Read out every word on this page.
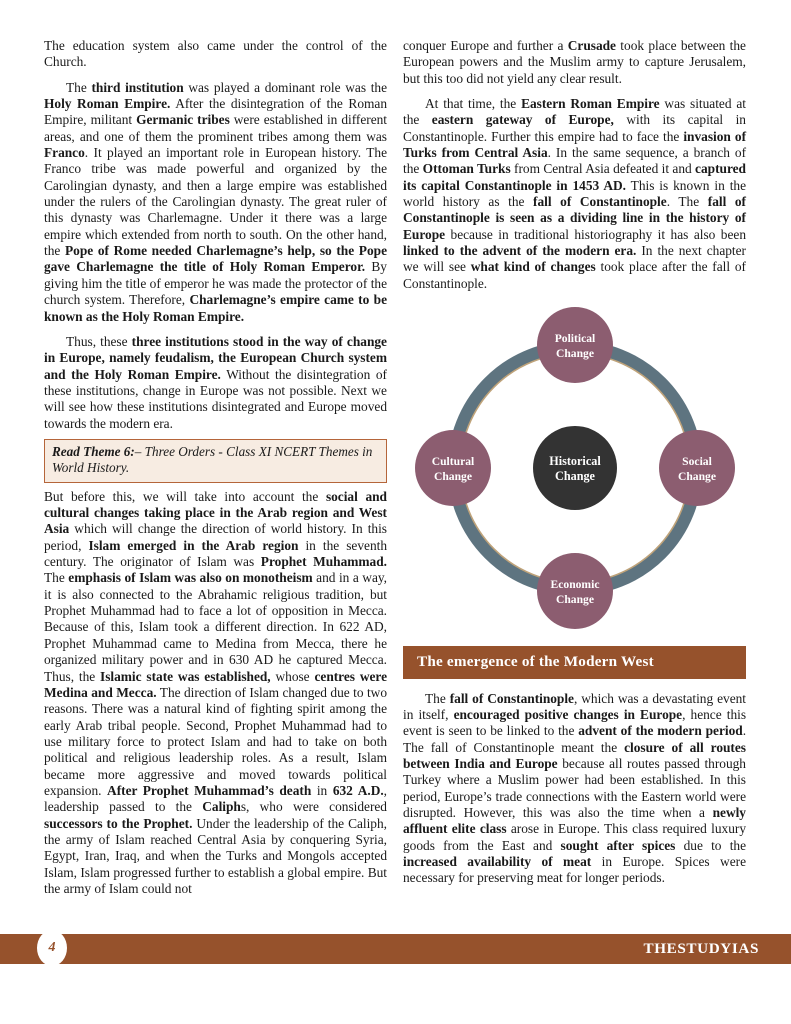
The education system also came under the control of the Church.

The third institution was played a dominant role was the Holy Roman Empire. After the disintegration of the Roman Empire, militant Germanic tribes were established in different areas, and one of them the prominent tribes among them was Franco. It played an important role in European history. The Franco tribe was made powerful and organized by the Carolingian dynasty, and then a large empire was established under the rulers of the Carolingian dynasty. The great ruler of this dynasty was Charlemagne. Under it there was a large empire which extended from north to south. On the other hand, the Pope of Rome needed Charlemagne’s help, so the Pope gave Charlemagne the title of Holy Roman Emperor. By giving him the title of emperor he was made the protector of the church system. Therefore, Charlemagne’s empire came to be known as the Holy Roman Empire.

Thus, these three institutions stood in the way of change in Europe, namely feudalism, the European Church system and the Holy Roman Empire. Without the disintegration of these institutions, change in Europe was not possible. Next we will see how these institutions disintegrated and Europe moved towards the modern era.

Read Theme 6:– Three Orders - Class XI NCERT Themes in World History.

But before this, we will take into account the social and cultural changes taking place in the Arab region and West Asia which will change the direction of world history. In this period, Islam emerged in the Arab region in the seventh century. The originator of Islam was Prophet Muhammad. The emphasis of Islam was also on monotheism and in a way, it is also connected to the Abrahamic religious tradition, but Prophet Muhammad had to face a lot of opposition in Mecca. Because of this, Islam took a different direction. In 622 AD, Prophet Muhammad came to Medina from Mecca, there he organized military power and in 630 AD he captured Mecca. Thus, the Islamic state was established, whose centres were Medina and Mecca. The direction of Islam changed due to two reasons. There was a natural kind of fighting spirit among the early Arab tribal people. Second, Prophet Muhammad had to use military force to protect Islam and had to take on both political and religious leadership roles. As a result, Islam became more aggressive and moved towards political expansion. After Prophet Muhammad’s death in 632 A.D., leadership passed to the Caliphs, who were considered successors to the Prophet. Under the leadership of the Caliph, the army of Islam reached Central Asia by conquering Syria, Egypt, Iran, Iraq, and when the Turks and Mongols accepted Islam, Islam progressed further to establish a global empire. But the army of Islam could not

conquer Europe and further a Crusade took place between the European powers and the Muslim army to capture Jerusalem, but this too did not yield any clear result.

At that time, the Eastern Roman Empire was situated at the eastern gateway of Europe, with its capital in Constantinople. Further this empire had to face the invasion of Turks from Central Asia. In the same sequence, a branch of the Ottoman Turks from Central Asia defeated it and captured its capital Constantinople in 1453 AD. This is known in the world history as the fall of Constantinople. The fall of Constantinople is seen as a dividing line in the history of Europe because in traditional historiography it has also been linked to the advent of the modern era. In the next chapter we will see what kind of changes took place after the fall of Constantinople.

Historical
Change
Political
Change
Social
Change
Economic
Change
Cultural
Change
The emergence of the Modern West

The fall of Constantinople, which was a devastating event in itself, encouraged positive changes in Europe, hence this event is seen to be linked to the advent of the modern period. The fall of Constantinople meant the closure of all routes between India and Europe because all routes passed through Turkey where a Muslim power had been established. In this period, Europe’s trade connections with the Eastern world were disrupted. However, this was also the time when a newly affluent elite class arose in Europe. This class required luxury goods from the East and sought after spices due to the increased availability of meat in Europe. Spices were necessary for preserving meat for longer periods.

4	THESTUDYIAS
